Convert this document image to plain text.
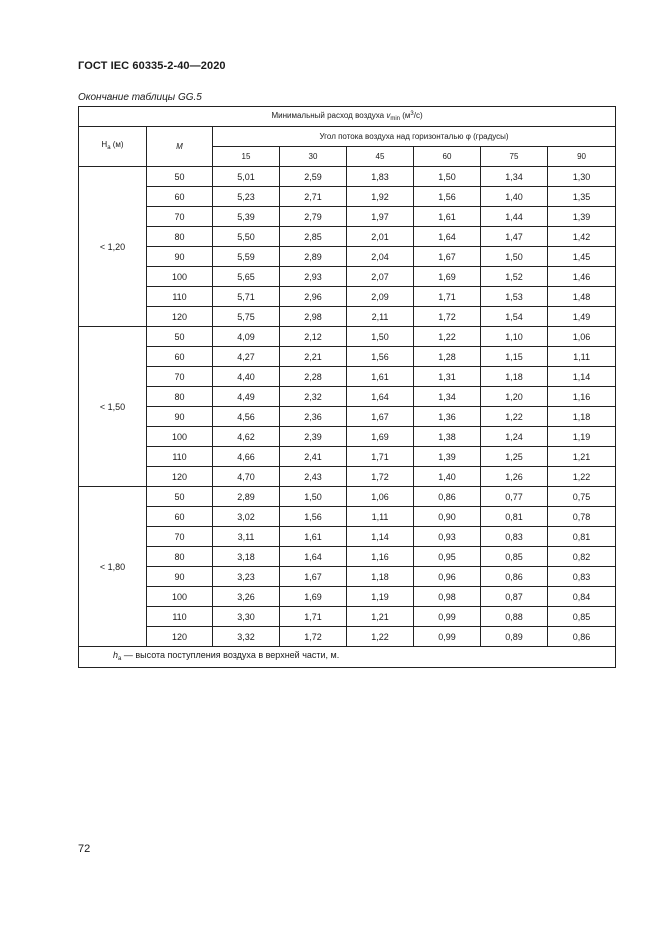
ГОСТ IEC 60335-2-40—2020
Окончание таблицы GG.5
Минимальный расход воздуха $v_{min}$ $(м^3/с)$							
$H_a$ (м)	М	Угол потока воздуха над горизонталью φ (градусы)					
		15	30	45	60	75	90
< 1,20	50	5,01	2,59	1,83	1,50	1,34	1,30
	60	5,23	2,71	1,92	1,56	1,40	1,35
	70	5,39	2,79	1,97	1,61	1,44	1,39
	80	5,50	2,85	2,01	1,64	1,47	1,42
	90	5,59	2,89	2,04	1,67	1,50	1,45
	100	5,65	2,93	2,07	1,69	1,52	1,46
	110	5,71	2,96	2,09	1,71	1,53	1,48
	120	5,75	2,98	2,11	1,72	1,54	1,49
< 1,50	50	4,09	2,12	1,50	1,22	1,10	1,06
	60	4,27	2,21	1,56	1,28	1,15	1,11
	70	4,40	2,28	1,61	1,31	1,18	1,14
	80	4,49	2,32	1,64	1,34	1,20	1,16
	90	4,56	2,36	1,67	1,36	1,22	1,18
	100	4,62	2,39	1,69	1,38	1,24	1,19
	110	4,66	2,41	1,71	1,39	1,25	1,21
	120	4,70	2,43	1,72	1,40	1,26	1,22
< 1,80	50	2,89	1,50	1,06	0,86	0,77	0,75
	60	3,02	1,56	1,11	0,90	0,81	0,78
	70	3,11	1,61	1,14	0,93	0,83	0,81
	80	3,18	1,64	1,16	0,95	0,85	0,82
	90	3,23	1,67	1,18	0,96	0,86	0,83
	100	3,26	1,69	1,19	0,98	0,87	0,84
	110	3,30	1,71	1,21	0,99	0,88	0,85
	120	3,32	1,72	1,22	0,99	0,89	0,86
$h_a$ — высота поступления воздуха в верхней части, м.							
72
